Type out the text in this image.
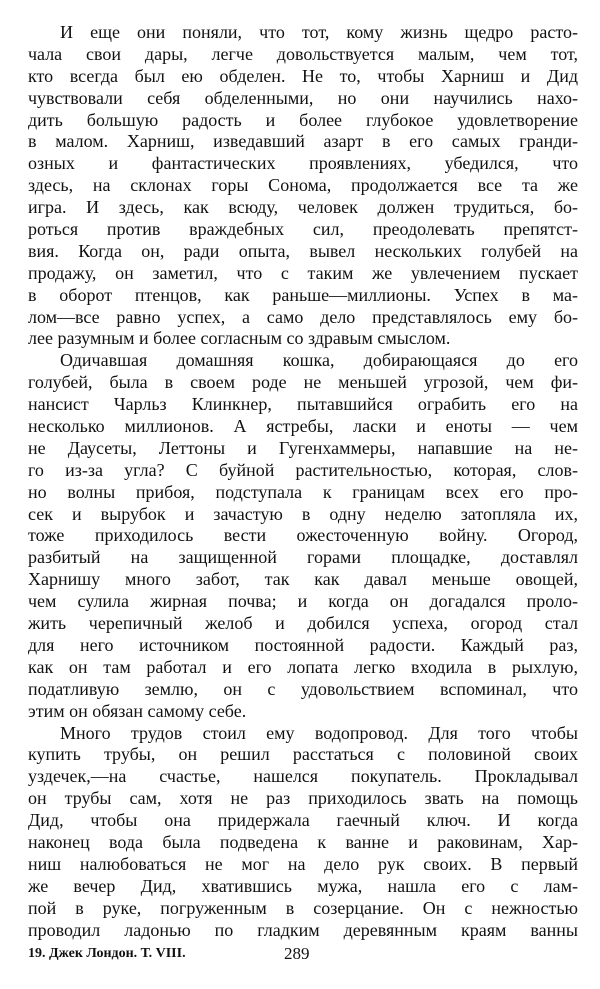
И еще они поняли, что тот, кому жизнь щедро расто-
чала свои дары, легче довольствуется малым, чем тот,
кто всегда был ею обделен. Не то, чтобы Харниш и Дид
чувствовали себя обделенными, но они научились нахо-
дить большую радость и более глубокое удовлетворение
в малом. Харниш, изведавший азарт в его самых гранди-
озных и фантастических проявлениях, убедился, что
здесь, на склонах горы Сонома, продолжается все та же
игра. И здесь, как всюду, человек должен трудиться, бо-
роться против враждебных сил, преодолевать препятст-
вия. Когда он, ради опыта, вывел нескольких голубей на
продажу, он заметил, что с таким же увлечением пускает
в оборот птенцов, как раньше—миллионы. Успех в ма-
лом—все равно успех, а само дело представлялось ему бо-
лее разумным и более согласным со здравым смыслом.
Одичавшая домашняя кошка, добирающаяся до его
голубей, была в своем роде не меньшей угрозой, чем фи-
нансист Чарльз Клинкнер, пытавшийся ограбить его на
несколько миллионов. А ястребы, ласки и еноты — чем
не Даусеты, Леттоны и Гугенхаммеры, напавшие на не-
го из-за угла? С буйной растительностью, которая, слов-
но волны прибоя, подступала к границам всех его про-
сек и вырубок и зачастую в одну неделю затопляла их,
тоже приходилось вести ожесточенную войну. Огород,
разбитый на защищенной горами площадке, доставлял
Харнишу много забот, так как давал меньше овощей,
чем сулила жирная почва; и когда он догадался проло-
жить черепичный желоб и добился успеха, огород стал
для него источником постоянной радости. Каждый раз,
как он там работал и его лопата легко входила в рыхлую,
податливую землю, он с удовольствием вспоминал, что
этим он обязан самому себе.
Много трудов стоил ему водопровод. Для того чтобы
купить трубы, он решил расстаться с половиной своих
уздечек,—на счастье, нашелся покупатель. Прокладывал
он трубы сам, хотя не раз приходилось звать на помощь
Дид, чтобы она придержала гаечный ключ. И когда
наконец вода была подведена к ванне и раковинам, Хар-
ниш налюбоваться не мог на дело рук своих. В первый
же вечер Дид, хватившись мужа, нашла его с лам-
пой в руке, погруженным в созерцание. Он с нежностью
проводил ладонью по гладким деревянным краям ванны
19. Джек Лондон. Т. VIII.	289
